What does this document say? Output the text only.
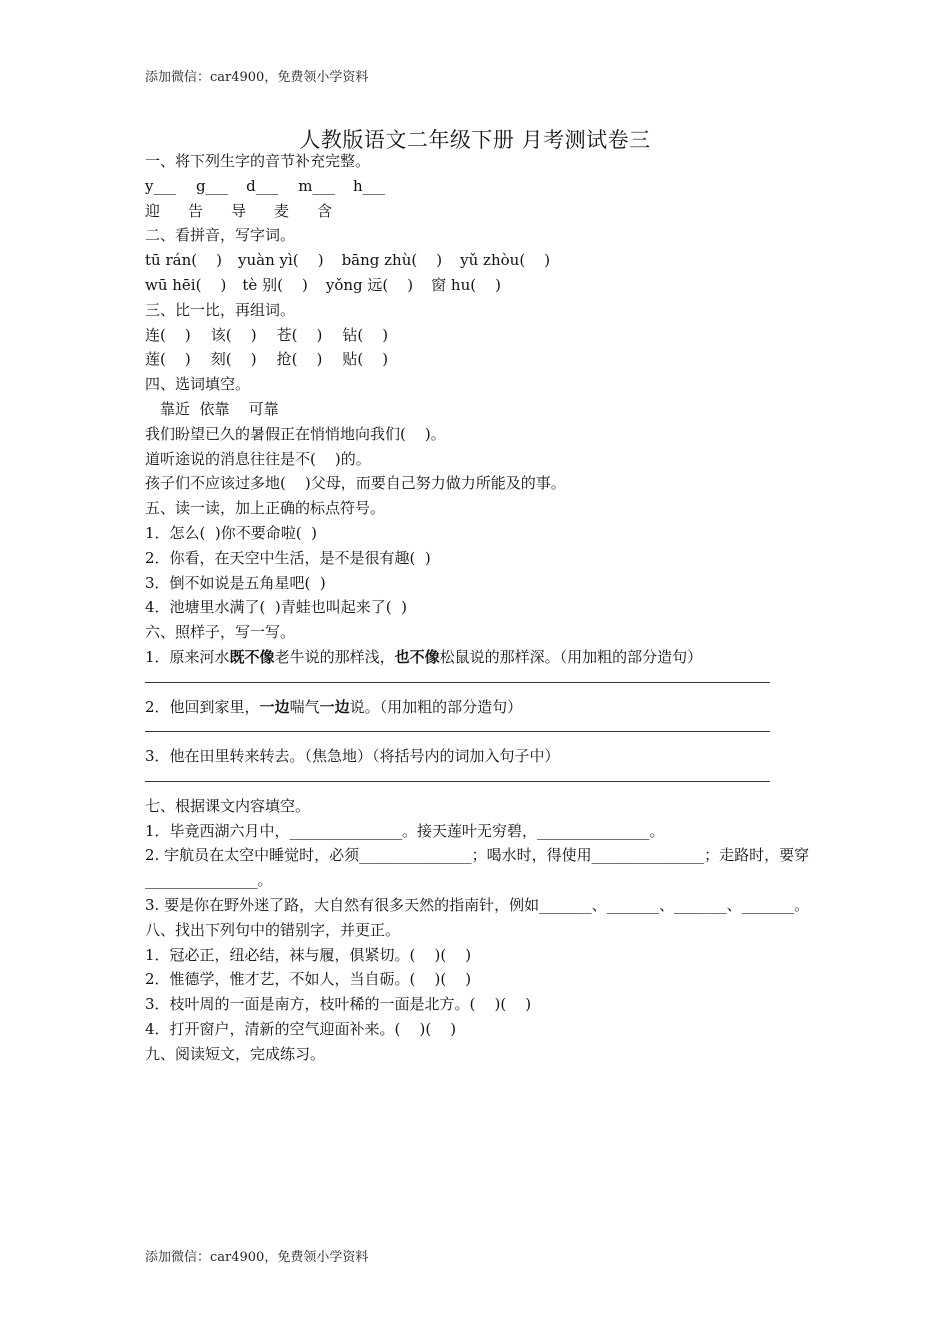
添加微信：car4900，免费领小学资料
人教版语文二年级下册 月考测试卷三
一、将下列生字的音节补充完整。
y___ g___ d___ m___ h___
迎 告 导 麦 含
二、看拼音，写字词。
tū rán(    ) yuàn yì(    ) bāng zhù(    ) yǔ zhòu(    )
wū hēi(    ) tè 别(    ) yǒng 远(    ) 窗 hu(    )
三、比一比，再组词。
连(    ) 该(    ) 苍(    ) 钻(    )
莲(    ) 刻(    ) 抢(    ) 贴(    )
四、选词填空。
靠近  依靠    可靠
我们盼望已久的暑假正在悄悄地向我们(    )。
道听途说的消息往往是不(    )的。
孩子们不应该过多地(    )父母，而要自己努力做力所能及的事。
五、读一读，加上正确的标点符号。
1．怎么(  )你不要命啦(  )
2．你看，在天空中生活，是不是很有趣(  )
3．倒不如说是五角星吧(  )
4．池塘里水满了(  )青蛙也叫起来了(  )
六、照样子，写一写。
1．原来河水既不像老牛说的那样浅，也不像松鼠说的那样深。（用加粗的部分造句）
2．他回到家里，一边喘气一边说。（用加粗的部分造句）
3．他在田里转来转去。（焦急地）（将括号内的词加入句子中）
七、根据课文内容填空。
1．毕竟西湖六月中，_______________。接天莲叶无穷碧，_______________。
2. 宇航员在太空中睡觉时，必须_______________；喝水时，得使用_______________；走路时，要穿_______________。
3. 要是你在野外迷了路，大自然有很多天然的指南针，例如_______、_______、_______、_______。
八、找出下列句中的错别字，并更正。
1．冠必正，纽必结，袜与履，俱紧切。(    )(    )
2．惟德学，惟才艺，不如人，当自砺。(    )(    )
3．枝叶周的一面是南方，枝叶稀的一面是北方。(    )(    )
4．打开窗户，清新的空气迎面补来。(    )(    )
九、阅读短文，完成练习。
添加微信：car4900，免费领小学资料
